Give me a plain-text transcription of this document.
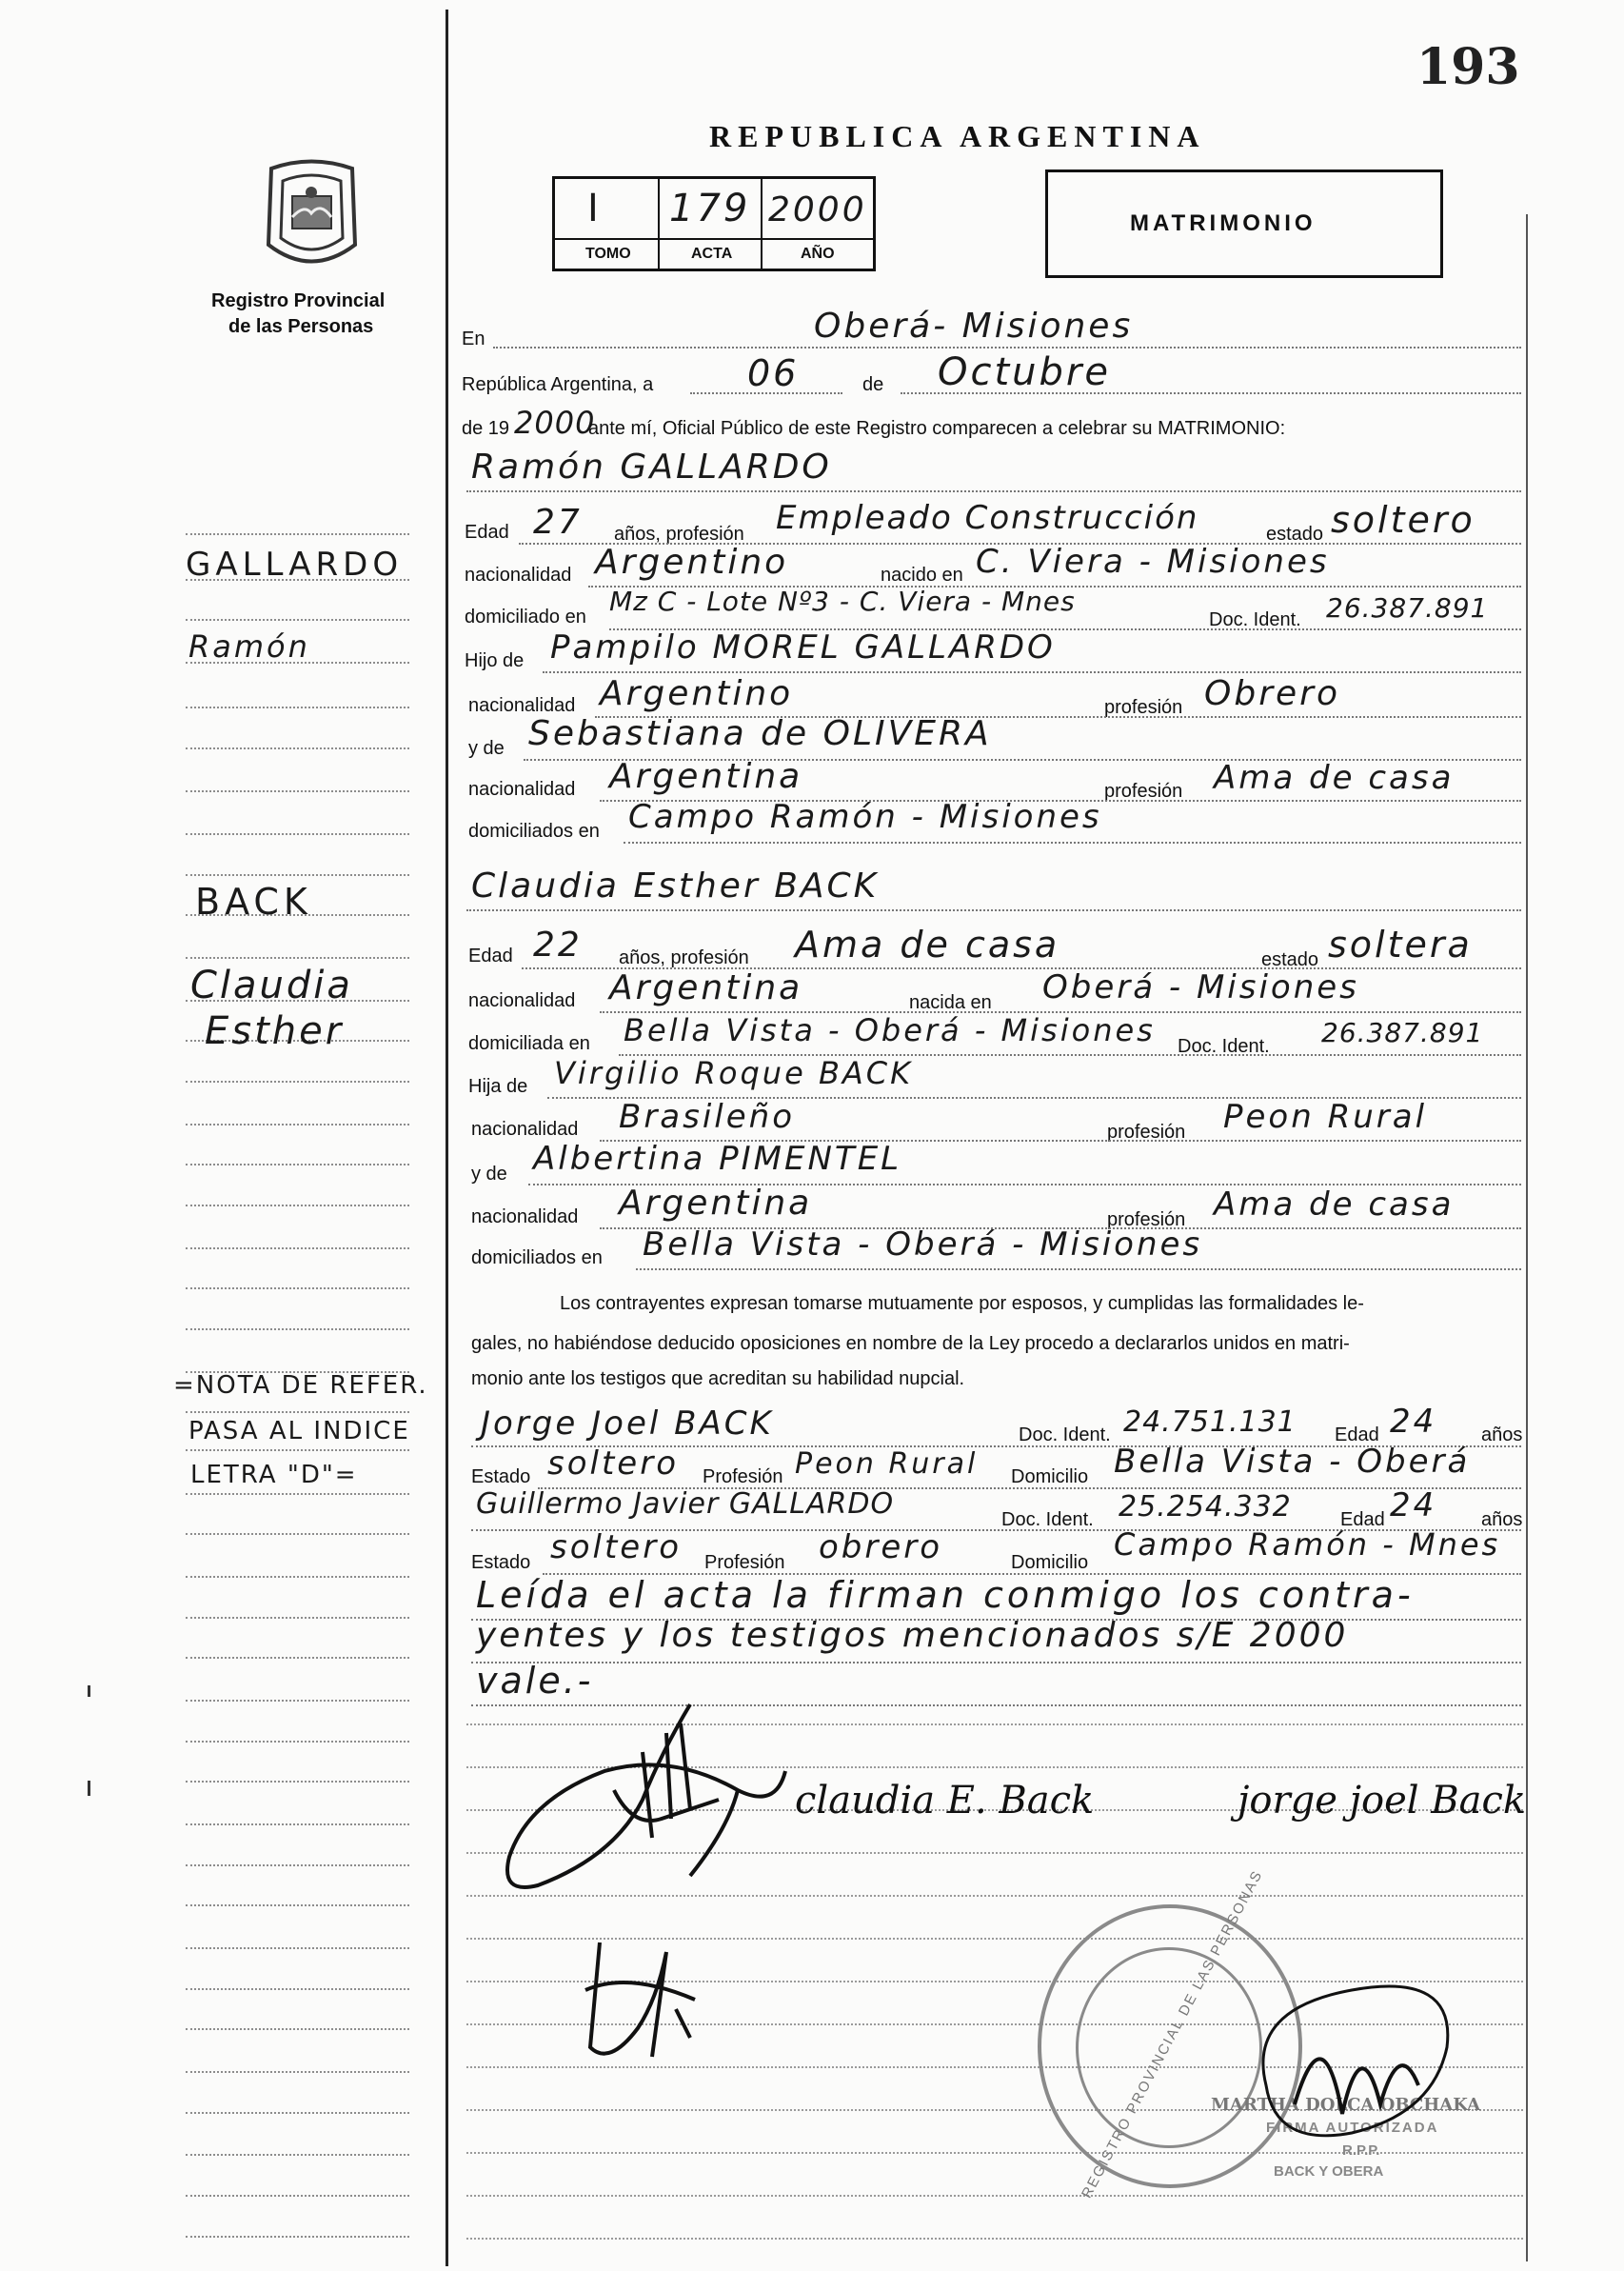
193
Registro Provincial
de las Personas
REPUBLICA ARGENTINA
I 179 2000
TOMO	ACTA	AÑO
MATRIMONIO
GALLARDO
Ramón
BACK
Claudia
Esther
=NOTA DE REFER.
PASA AL INDICE
LETRA "D"=
En	Oberá- Misiones
República Argentina, a	06	de Octubre
de 19 2000
ante mí, Oficial Público de este Registro comparecen a celebrar su MATRIMONIO:
Ramón GALLARDO
Edad 27 años, profesión Empleado Construcción	estado soltero
nacionalidad Argentino	nacido en C. Viera - Misiones
domiciliado en Mz C - Lote Nº3 - C. Viera - Mnes
Doc. Ident. 26.387.891
Hijo de Pampilo MOREL GALLARDO
nacionalidad Argentino	profesión Obrero
y de Sebastiana de OLIVERA
nacionalidad Argentina	profesión Ama de casa
domiciliados en Campo Ramón - Misiones
Claudia Esther BACK
Edad 22 años, profesión Ama de casa	estado soltera
nacionalidad Argentina	nacida en Oberá - Misiones
domiciliada en Bella Vista - Oberá - Misiones Doc. Ident. 26.387.891
Hija de Virgilio Roque BACK
nacionalidad Brasileño	profesión Peon Rural
y de Albertina PIMENTEL
nacionalidad Argentina	profesión Ama de casa
domiciliados en Bella Vista - Oberá - Misiones
Los contrayentes expresan tomarse mutuamente por esposos, y cumplidas las formalidades le-
gales, no habiéndose deducido oposiciones en nombre de la Ley procedo a declararlos unidos en matri-
monio ante los testigos que acreditan su habilidad nupcial.
Jorge Joel BACK	Doc. Ident. 24.751.131 Edad 24 años
Estado soltero Profesión Peon Rural Domicilio Bella Vista - Oberá
Guillermo Javier GALLARDO	Doc. Ident. 25.254.332	Edad 24 años
Estado soltero Profesión obrero	Domicilio Campo Ramón - Mnes
Leída el acta la firman conmigo los contra-
yentes y los testigos mencionados s/E 2000
vale.-
claudia E. Back	jorge joel Back
REGISTRO PROVINCIAL DE LAS PERSONAS
MARTHA DOLCA OBCHAKA
FIRMA AUTORIZADA
R.P.P.
BACK Y OBERA
